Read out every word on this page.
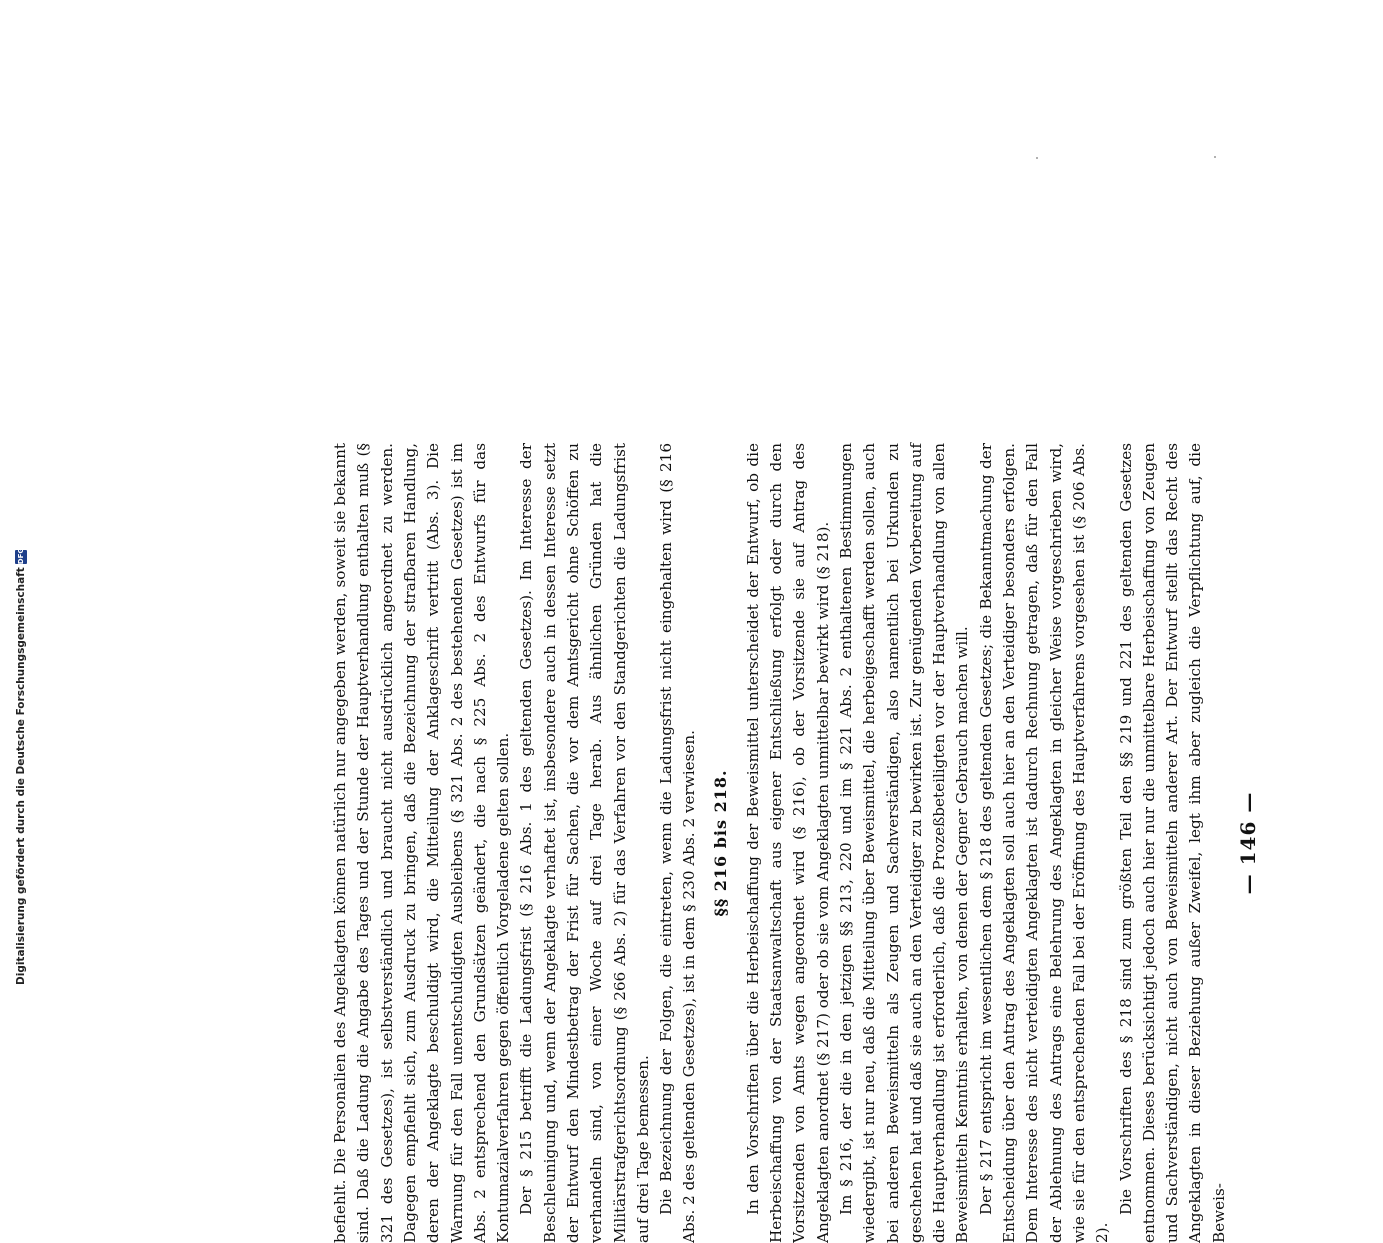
Digitalisierung gefördert durch die Deutsche Forschungsgemeinschaft
DFG	Die Vorschriften des § 218 sind zum größten Teil den §§ 219 und 221 des geltenden Gesetzes entnommen. Dieses berücksichtigt jedoch auch hier nur die unmittelbare Herbeischaffung von Zeugen und Sachverständigen, nicht auch von Beweismitteln anderer Art. Der Entwurf stellt das Recht des Angeklagten in dieser Beziehung außer Zweifel, legt ihm aber zugleich die Verpflichtung auf, die Beweis-

Der § 217 entspricht im wesentlichen dem § 218 des geltenden Gesetzes; die Bekanntmachung der Entscheidung über den Antrag des Angeklagten soll auch hier an den Verteidiger besonders erfolgen. Dem Interesse des nicht verteidigten Angeklagten ist dadurch Rechnung getragen, daß für den Fall der Ablehnung des Antrags eine Belehrung des Angeklagten in gleicher Weise vorgeschrieben wird, wie sie für den entsprechenden Fall bei der Eröffnung des Hauptverfahrens vorgesehen ist (§ 206 Abs. 2).

Im § 216, der die in den jetzigen §§ 213, 220 und im § 221 Abs. 2 enthaltenen Bestimmungen wiedergibt, ist nur neu, daß die Mitteilung über Beweismittel, die herbeigeschafft werden sollen, auch bei anderen Beweismitteln als Zeugen und Sachverständigen, also namentlich bei Urkunden zu geschehen hat und daß sie auch an den Verteidiger zu bewirken ist. Zur genügenden Vorbereitung auf die Hauptverhandlung ist erforderlich, daß die Prozeßbeteiligten vor der Hauptverhandlung von allen Beweismitteln Kenntnis erhalten, von denen der Gegner Gebrauch machen will.

In den Vorschriften über die Herbeischaffung der Beweismittel unterscheidet der Entwurf, ob die Herbeischaffung von der Staatsanwaltschaft aus eigener Entschließung erfolgt oder durch den Vorsitzenden von Amts wegen angeordnet wird (§ 216), ob der Vorsitzende sie auf Antrag des Angeklagten anordnet (§ 217) oder ob sie vom Angeklagten unmittelbar bewirkt wird (§ 218).

§§ 216 bis 218.

Die Bezeichnung der Folgen, die eintreten, wenn die Ladungsfrist nicht eingehalten wird (§ 216 Abs. 2 des geltenden Gesetzes), ist in dem § 230 Abs. 2 verwiesen.

Der § 215 betrifft die Ladungsfrist (§ 216 Abs. 1 des geltenden Gesetzes). Im Interesse der Beschleunigung und, wenn der Angeklagte verhaftet ist, insbesondere auch in dessen Interesse setzt der Entwurf den Mindestbetrag der Frist für Sachen, die vor dem Amtsgericht ohne Schöffen zu verhandeln sind, von einer Woche auf drei Tage herab. Aus ähnlichen Gründen hat die Militärstrafgerichtsordnung (§ 266 Abs. 2) für das Verfahren vor den Standgerichten die Ladungsfrist auf drei Tage bemessen.

befiehlt. Die Personalien des Angeklagten können natürlich nur angegeben werden, soweit sie bekannt sind. Daß die Ladung die Angabe des Tages und der Stunde der Hauptverhandlung enthalten muß (§ 321 des Gesetzes), ist selbstverständlich und braucht nicht ausdrücklich angeordnet zu werden. Dagegen empfiehlt sich, zum Ausdruck zu bringen, daß die Bezeichnung der strafbaren Handlung, deren der Angeklagte beschuldigt wird, die Mitteilung der Anklageschrift vertritt (Abs. 3). Die Warnung für den Fall unentschuldigten Ausbleibens (§ 321 Abs. 2 des bestehenden Gesetzes) ist im Abs. 2 entsprechend den Grundsätzen geändert, die nach § 225 Abs. 2 des Entwurfs für das Kontumazialverfahren gegen öffentlich Vorgeladene gelten sollen.	— 146 —
